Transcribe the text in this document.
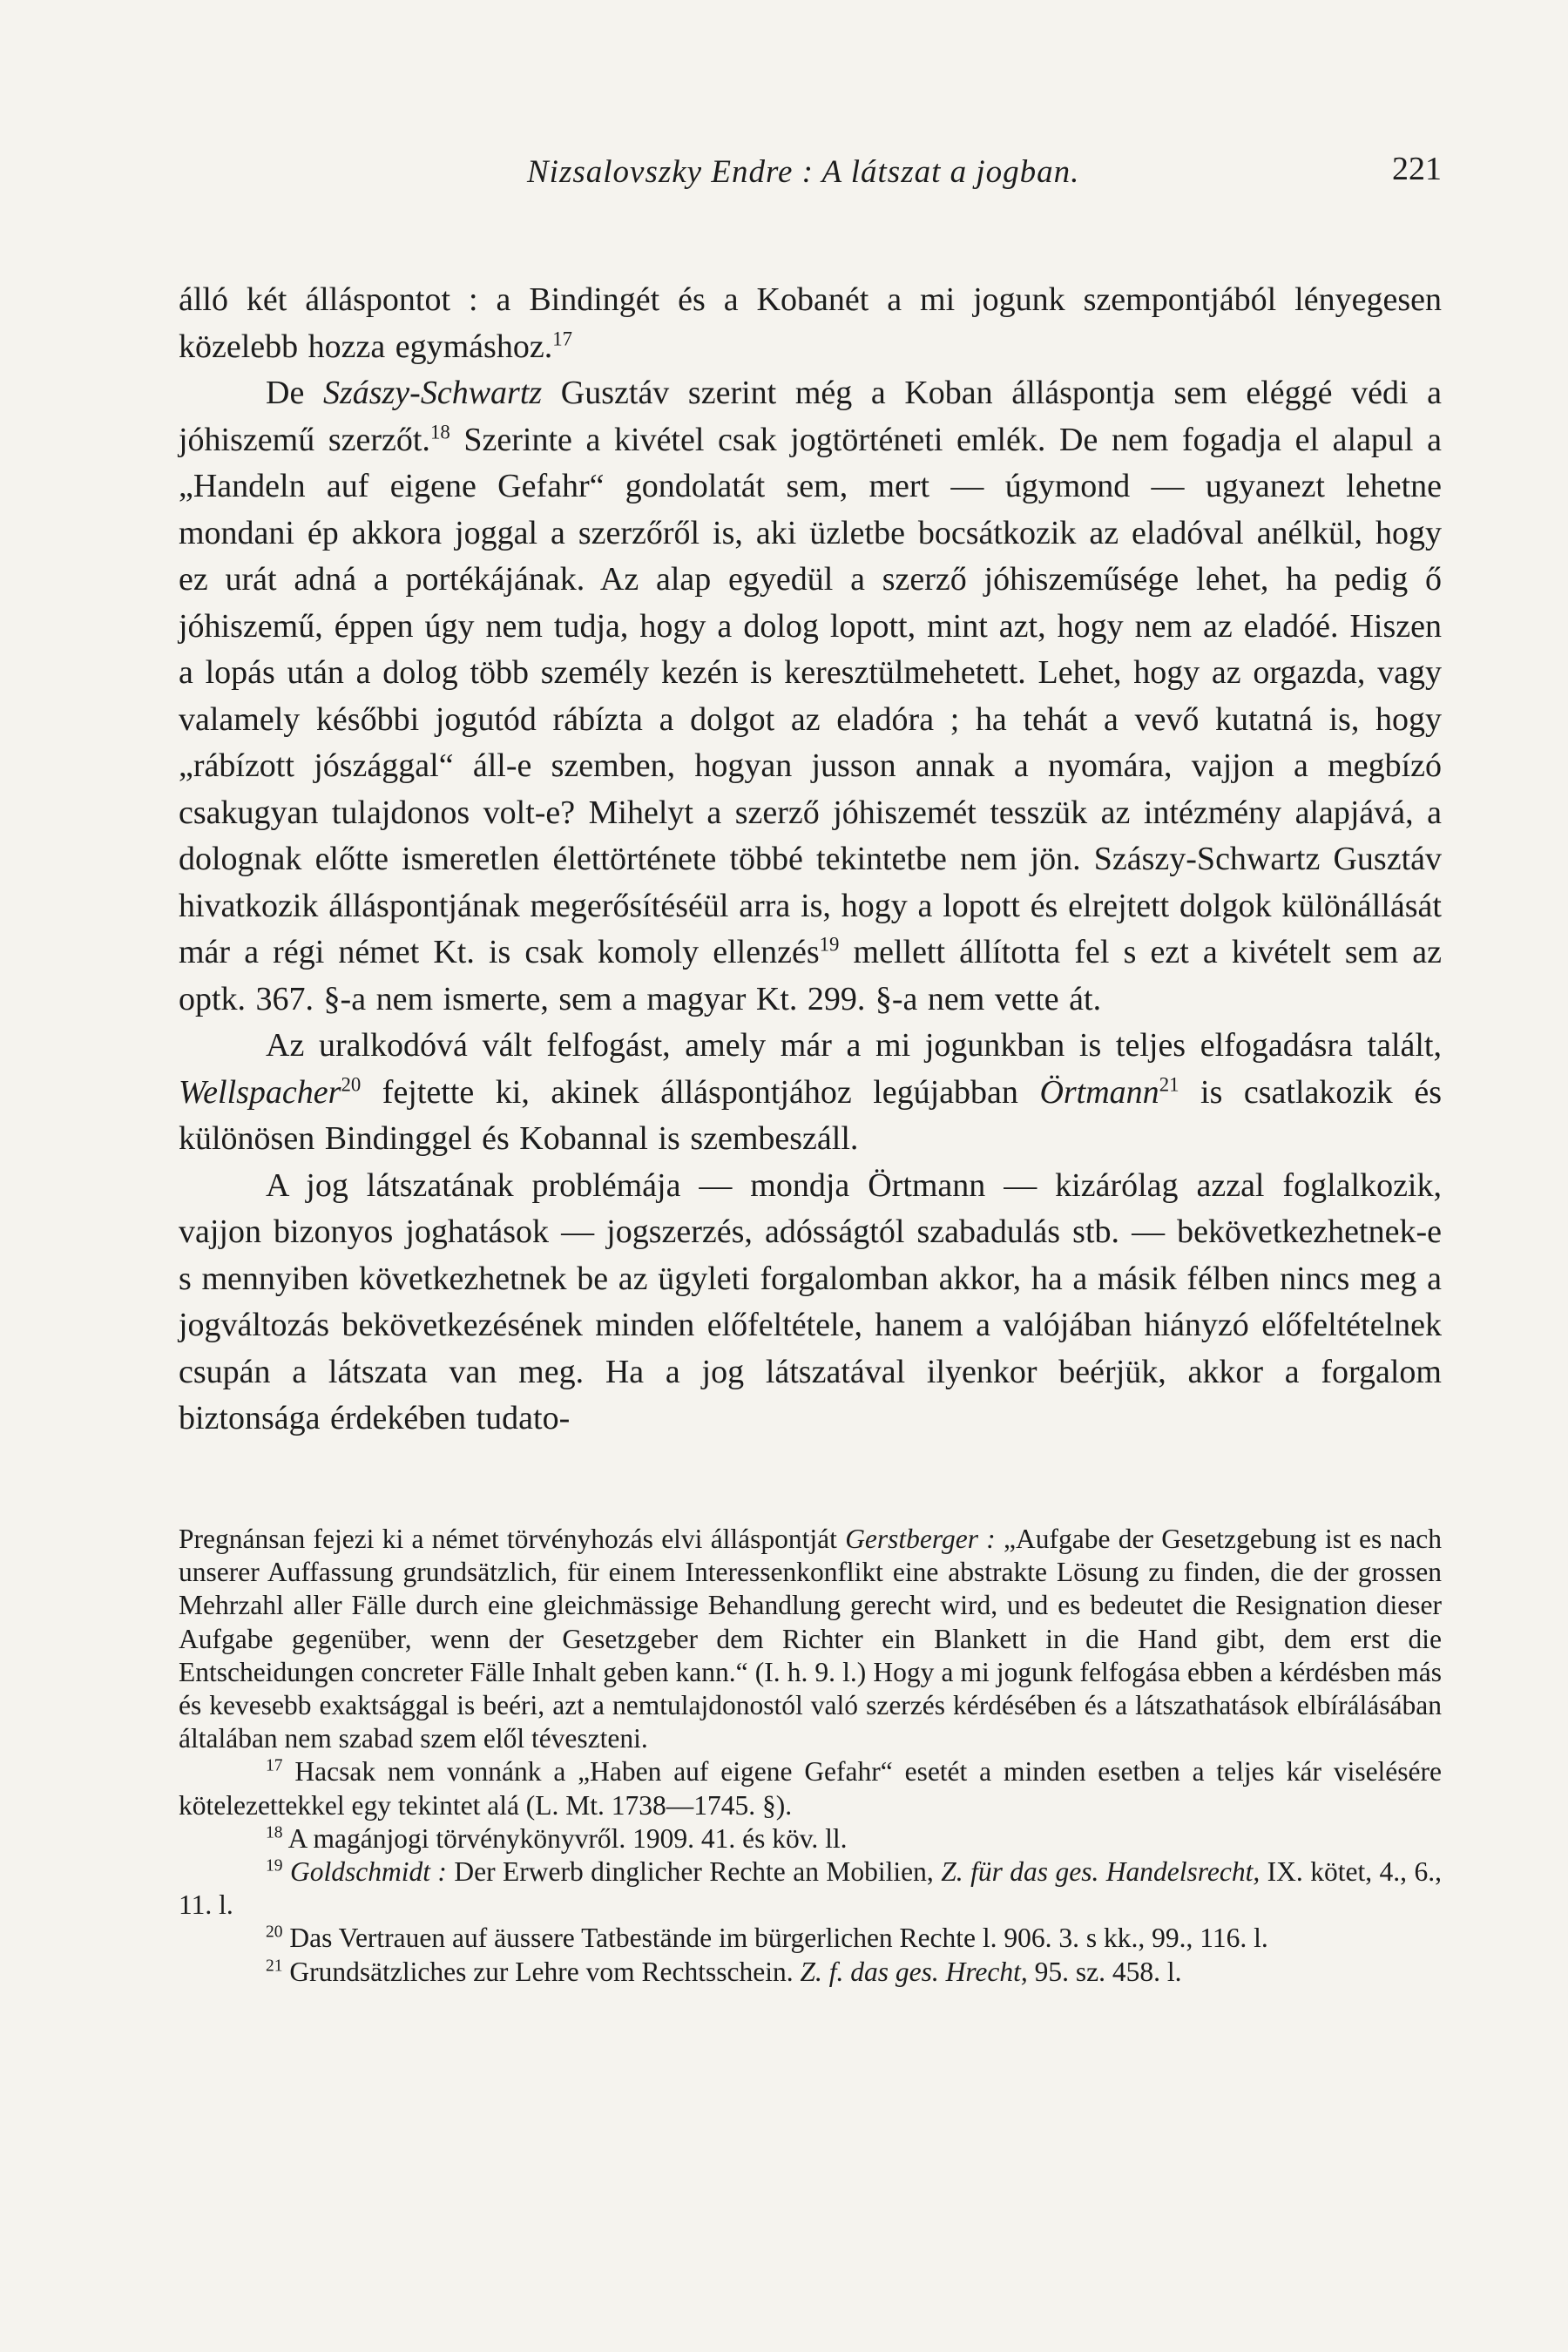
Nizsalovszky Endre : A látszat a jogban.	221

álló két álláspontot : a Bindingét és a Kobanét a mi jogunk szempontjából lényegesen közelebb hozza egymáshoz.$^{17}$

De Szászy-Schwartz Gusztáv szerint még a Koban álláspontja sem eléggé védi a jóhiszemű szerzőt.$^{18}$ Szerinte a kivétel csak jogtörténeti emlék. De nem fogadja el alapul a „Handeln auf eigene Gefahr“ gondolatát sem, mert — úgymond — ugyanezt lehetne mondani ép akkora joggal a szerzőről is, aki üzletbe bocsátkozik az eladóval anélkül, hogy ez urát adná a portékájának. Az alap egyedül a szerző jóhiszeműsége lehet, ha pedig ő jóhiszemű, éppen úgy nem tudja, hogy a dolog lopott, mint azt, hogy nem az eladóé. Hiszen a lopás után a dolog több személy kezén is keresztülmehetett. Lehet, hogy az orgazda, vagy valamely későbbi jogutód rábízta a dolgot az eladóra ; ha tehát a vevő kutatná is, hogy „rábízott jószággal“ áll-e szemben, hogyan jusson annak a nyomára, vajjon a megbízó csakugyan tulajdonos volt-e? Mihelyt a szerző jóhiszemét tesszük az intézmény alapjává, a dolognak előtte ismeretlen élettörténete többé tekintetbe nem jön. Szászy-Schwartz Gusztáv hivatkozik álláspontjának megerősítéséül arra is, hogy a lopott és elrejtett dolgok különállását már a régi német Kt. is csak komoly ellenzés$^{19}$ mellett állította fel s ezt a kivételt sem az optk. 367. §-a nem ismerte, sem a magyar Kt. 299. §-a nem vette át.

Az uralkodóvá vált felfogást, amely már a mi jogunkban is teljes elfogadásra talált, Wellspacher$^{20}$ fejtette ki, akinek álláspontjához legújabban Örtmann$^{21}$ is csatlakozik és különösen Bindinggel és Kobannal is szembeszáll.

A jog látszatának problémája — mondja Örtmann — kizárólag azzal foglalkozik, vajjon bizonyos joghatások — jogszerzés, adósságtól szabadulás stb. — bekövetkezhetnek-e s mennyiben következhetnek be az ügyleti forgalomban akkor, ha a másik félben nincs meg a jogváltozás bekövetkezésének minden előfeltétele, hanem a valójában hiányzó előfeltételnek csupán a látszata van meg. Ha a jog látszatával ilyenkor beérjük, akkor a forgalom biztonsága érdekében tudato-

Pregnánsan fejezi ki a német törvényhozás elvi álláspontját Gerstberger : „Aufgabe der Gesetzgebung ist es nach unserer Auffassung grundsätzlich, für einem Interessenkonflikt eine abstrakte Lösung zu finden, die der grossen Mehrzahl aller Fälle durch eine gleichmässige Behandlung gerecht wird, und es bedeutet die Resignation dieser Aufgabe gegenüber, wenn der Gesetzgeber dem Richter ein Blankett in die Hand gibt, dem erst die Entscheidungen concreter Fälle Inhalt geben kann.“ (I. h. 9. l.) Hogy a mi jogunk felfogása ebben a kérdésben más és kevesebb exaktsággal is beéri, azt a nemtulajdonostól való szerzés kérdésében és a látszathatások elbírálásában általában nem szabad szem elől téveszteni.

$^{17}$ Hacsak nem vonnánk a „Haben auf eigene Gefahr“ esetét a minden esetben a teljes kár viselésére kötelezettekkel egy tekintet alá (L. Mt. 1738—1745. §).

$^{18}$ A magánjogi törvénykönyvről. 1909. 41. és köv. ll.

$^{19}$ Goldschmidt : Der Erwerb dinglicher Rechte an Mobilien, Z. für das ges. Handelsrecht, IX. kötet, 4., 6., 11. l.

$^{20}$ Das Vertrauen auf äussere Tatbestände im bürgerlichen Rechte l. 906. 3. s kk., 99., 116. l.

$^{21}$ Grundsätzliches zur Lehre vom Rechtsschein. Z. f. das ges. Hrecht, 95. sz. 458. l.
